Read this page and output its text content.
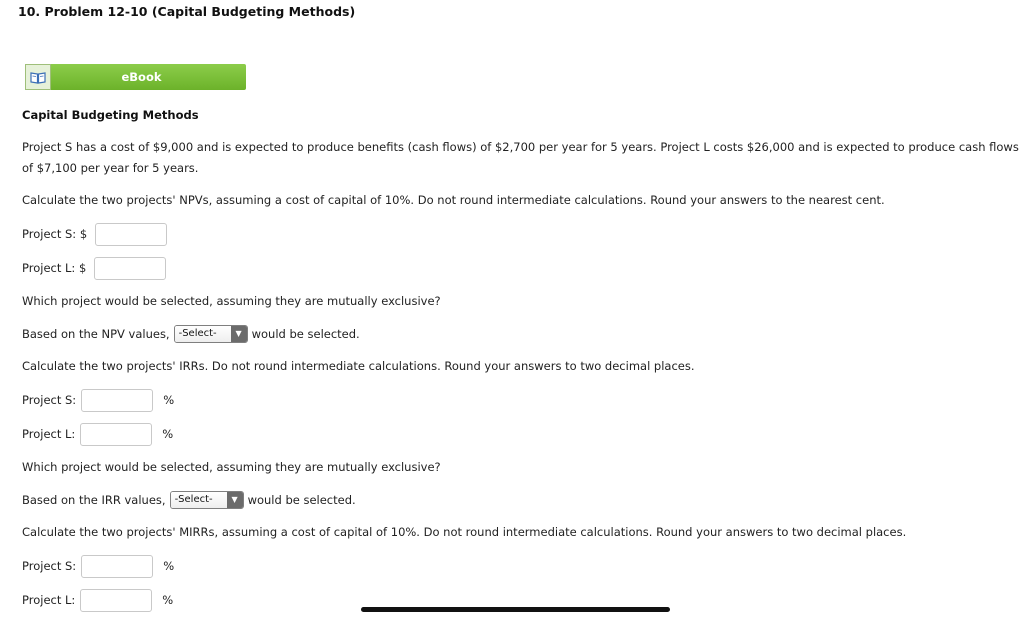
10. Problem 12-10 (Capital Budgeting Methods)
eBook
Capital Budgeting Methods
Project S has a cost of $9,000 and is expected to produce benefits (cash flows) of $2,700 per year for 5 years. Project L costs $26,000 and is expected to produce cash flows of $7,100 per year for 5 years.
Calculate the two projects' NPVs, assuming a cost of capital of 10%. Do not round intermediate calculations. Round your answers to the nearest cent.
Project S: $
Project L: $
Which project would be selected, assuming they are mutually exclusive?
Based on the NPV values, -Select-	▼ would be selected.
Calculate the two projects' IRRs. Do not round intermediate calculations. Round your answers to two decimal places.
Project S:	%
Project L:	%
Which project would be selected, assuming they are mutually exclusive?
Based on the IRR values, -Select-	▼ would be selected.
Calculate the two projects' MIRRs, assuming a cost of capital of 10%. Do not round intermediate calculations. Round your answers to two decimal places.
Project S:	%
Project L:	%
